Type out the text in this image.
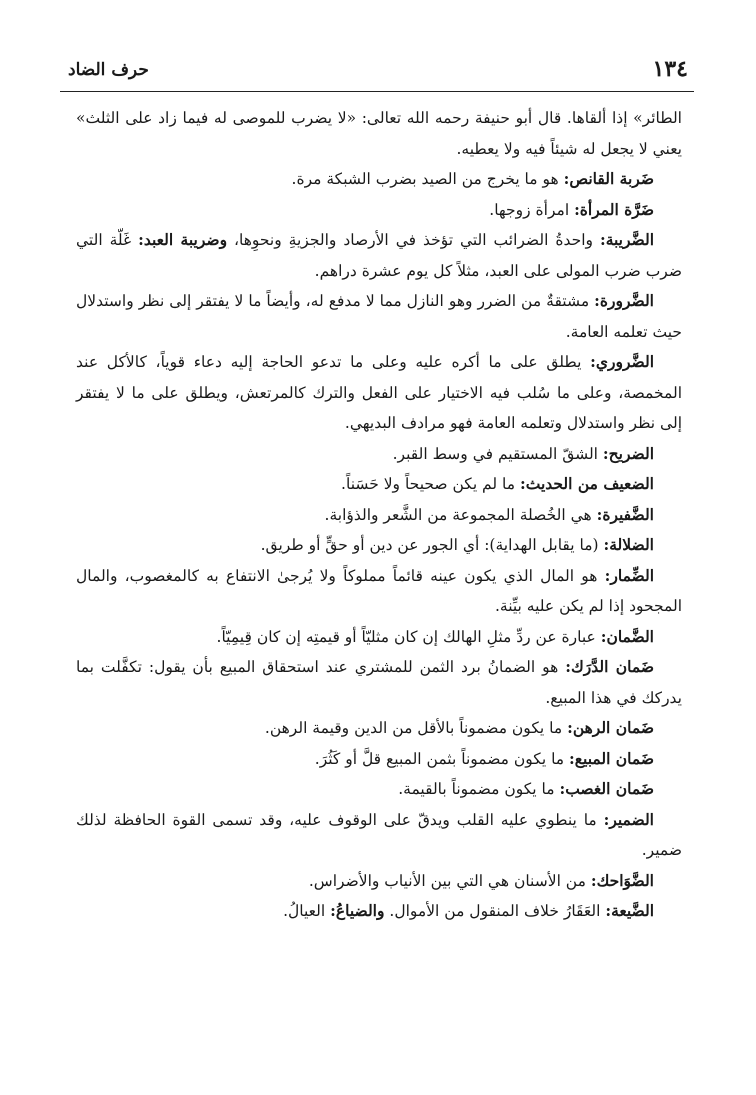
١٣٤
حرف الضاد

الطائر» إذا ألقاها. قال أبو حنيفة رحمه الله تعالى: «لا يضرب للموصى له فيما زاد على الثلث» يعني لا يجعل له شيئاً فيه ولا يعطيه.

ضَربة القانص: هو ما يخرج من الصيد بضرب الشبكة مرة.

ضَرَّة المرأة: امرأة زوجها.

الضَّريبة: واحدةُ الضرائب التي تؤخذ في الأرصاد والجزيةِ ونحوِها، وضريبة العبد: غَلّة التي ضرب ضرب المولى على العبد، مثلاً كل يوم عشرة دراهم.

الضَّرورة: مشتقةٌ من الضرر وهو النازل مما لا مدفع له، وأيضاً ما لا يفتقر إلى نظر واستدلال حيث تعلمه العامة.

الضَّروري: يطلق على ما أكره عليه وعلى ما تدعو الحاجة إليه دعاء قوياً، كالأكل عند المخمصة، وعلى ما سُلب فيه الاختيار على الفعل والترك كالمرتعش، ويطلق على ما لا يفتقر إلى نظر واستدلال وتعلمه العامة فهو مرادف البديهي.

الضريح: الشقّ المستقيم في وسط القبر.

الضعيف من الحديث: ما لم يكن صحيحاً ولا حَسَناً.

الضَّفيرة: هي الخُصلة المجموعة من الشَّعر والذؤابة.

الضلالة: (ما يقابل الهداية): أي الجور عن دين أو حقٍّ أو طريق.

الضِّمار: هو المال الذي يكون عينه قائماً مملوكاً ولا يُرجىٰ الانتفاع به كالمغصوب، والمال المجحود إذا لم يكن عليه بيِّنة.

الضَّمان: عبارة عن ردِّ مثلِ الهالك إن كان مثليّاً أو قيمتِه إن كان قِيمِيّاً.

ضَمان الدَّرَك: هو الضمانُ برد الثمن للمشتري عند استحقاق المبيع بأن يقول: تكفَّلت بما يدركك في هذا المبيع.

ضَمان الرهن: ما يكون مضموناً بالأقل من الدين وقيمة الرهن.

ضَمان المبيع: ما يكون مضموناً بثمن المبيع قلَّ أو كَثُرَ.

ضَمان الغصب: ما يكون مضموناً بالقيمة.

الضمير: ما ينطوي عليه القلب ويدقّ على الوقوف عليه، وقد تسمى القوة الحافظة لذلك ضمير.

الضَّوَاحك: من الأسنان هي التي بين الأنياب والأضراس.

الضَّيعة: العَقَارُ خلاف المنقول من الأموال. والضياعُ: العيالُ.
